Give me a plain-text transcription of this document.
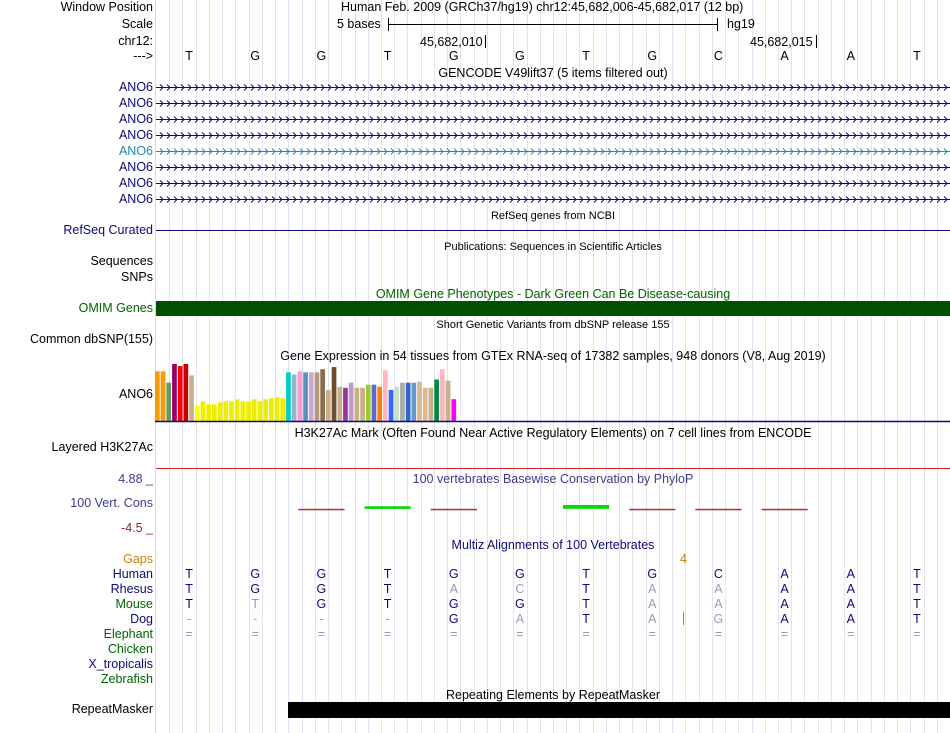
Window Position	Human Feb. 2009 (GRCh37/hg19) chr12:45,682,006-45,682,017 (12 bp)
Scale	5 bases	hg19
chr12:	45,682,010	45,682,015
--->	T	G	G	T	G	G	T	G	C	A	A	T
GENCODE V49lift37 (5 items filtered out)
ANO6
ANO6
ANO6
ANO6
ANO6
ANO6
ANO6
ANO6
RefSeq genes from NCBI
RefSeq Curated
Publications: Sequences in Scientific Articles
Sequences
SNPs
OMIM Gene Phenotypes - Dark Green Can Be Disease-causing
OMIM Genes
Short Genetic Variants from dbSNP release 155
Common dbSNP(155)
Gene Expression in 54 tissues from GTEx RNA-seq of 17382 samples, 948 donors (V8, Aug 2019)
ANO6
H3K27Ac Mark (Often Found Near Active Regulatory Elements) on 7 cell lines from ENCODE
Layered H3K27Ac
100 vertebrates Basewise Conservation by PhyloP
4.88 _
100 Vert. Cons
-4.5 _
Multiz Alignments of 100 Vertebrates
Gaps	4
Human	T	G	G	T	G	G	T	G	C	A	A	T
Rhesus	T	G	G	T	A	C	T	A	A	A	A	T
Mouse	T	T	G	T	G	G	T	A	A	A	A	T
Dog	-	-	-	-	G	A	T	A	G	A	A	T
Elephant	=	=	=	=	=	=	=	=	=	=	=	=
Chicken
X_tropicalis
Zebrafish
Repeating Elements by RepeatMasker
RepeatMasker
